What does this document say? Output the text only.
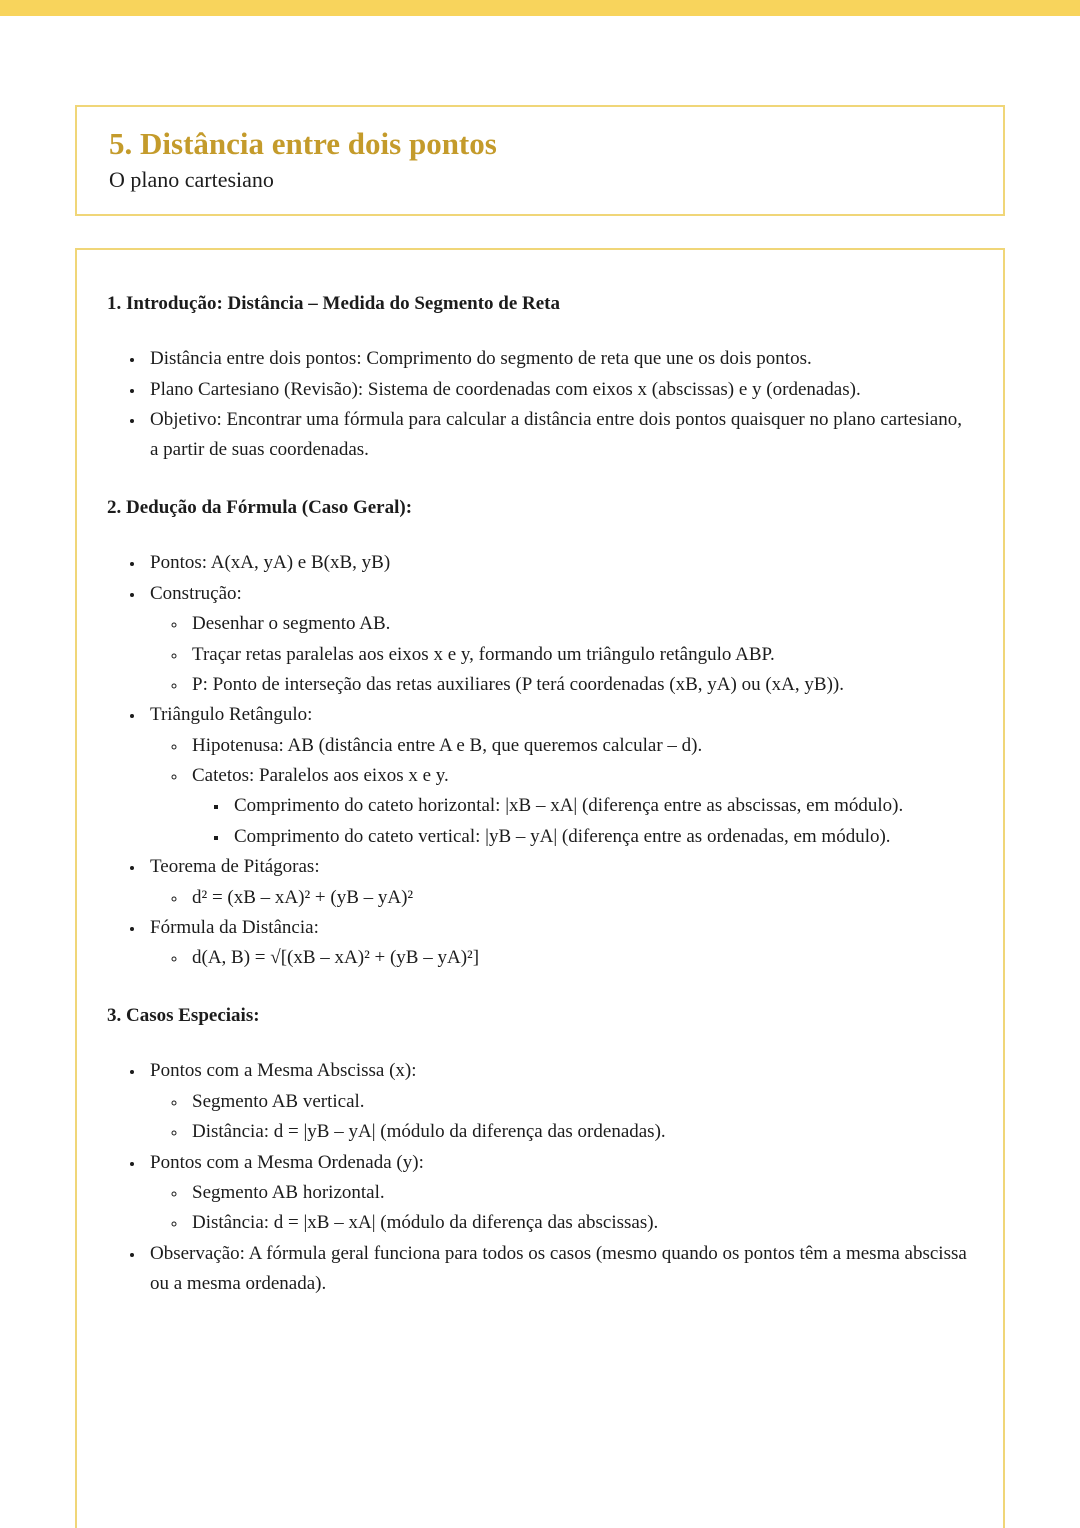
5. Distância entre dois pontos
O plano cartesiano
1. Introdução: Distância – Medida do Segmento de Reta
• Distância entre dois pontos: Comprimento do segmento de reta que une os dois pontos.
• Plano Cartesiano (Revisão): Sistema de coordenadas com eixos x (abscissas) e y (ordenadas).
• Objetivo: Encontrar uma fórmula para calcular a distância entre dois pontos quaisquer no plano cartesiano, a partir de suas coordenadas.
2. Dedução da Fórmula (Caso Geral):
• Pontos: A(xA, yA) e B(xB, yB)
• Construção:
◦ Desenhar o segmento AB.
◦ Traçar retas paralelas aos eixos x e y, formando um triângulo retângulo ABP.
◦ P: Ponto de interseção das retas auxiliares (P terá coordenadas (xB, yA) ou (xA, yB)).
• Triângulo Retângulo:
◦ Hipotenusa: AB (distância entre A e B, que queremos calcular – d).
◦ Catetos: Paralelos aos eixos x e y.
▪ Comprimento do cateto horizontal: |xB – xA| (diferença entre as abscissas, em módulo).
▪ Comprimento do cateto vertical: |yB – yA| (diferença entre as ordenadas, em módulo).
• Teorema de Pitágoras:
◦ d² = (xB – xA)² + (yB – yA)²
• Fórmula da Distância:
◦ d(A, B) = √[(xB – xA)² + (yB – yA)²]
3. Casos Especiais:
• Pontos com a Mesma Abscissa (x):
◦ Segmento AB vertical.
◦ Distância: d = |yB – yA| (módulo da diferença das ordenadas).
• Pontos com a Mesma Ordenada (y):
◦ Segmento AB horizontal.
◦ Distância: d = |xB – xA| (módulo da diferença das abscissas).
• Observação: A fórmula geral funciona para todos os casos (mesmo quando os pontos têm a mesma abscissa ou a mesma ordenada).
